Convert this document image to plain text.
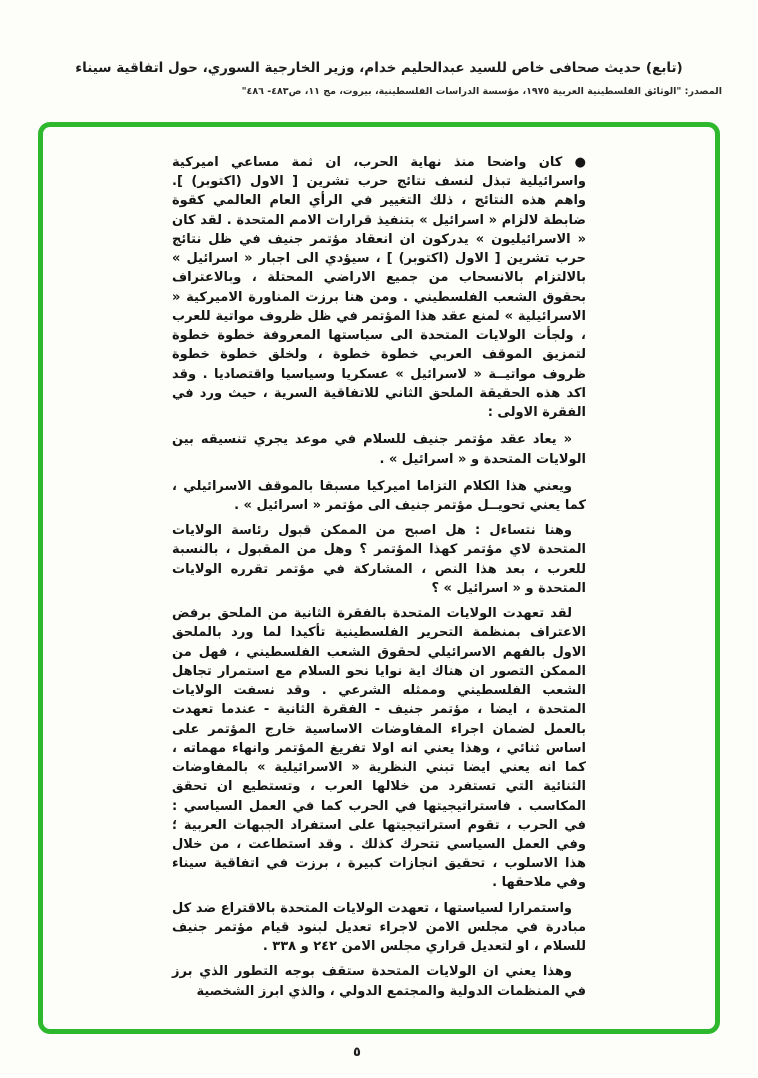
(تابع) حديث صحافى خاص للسيد عبدالحليم خدام، وزير الخارجية السوري، حول اتفاقية سيناء
المصدر: "الوثائق الفلسطينية العربية ١٩٧٥، مؤسسة الدراسات الفلسطينية، بيروت، مج ١١، ص٤٨٣- ٤٨٦"

● كان واضحا منذ نهاية الحرب، ان ثمة مساعي اميركية واسرائيلية تبذل لنسف نتائج حرب تشرين [ الاول (اكتوبر) ]. واهم هذه النتائج ، ذلك التغيير في الرأي العام العالمي كقوة ضابطة لالزام « اسرائيل » بتنفيذ قرارات الامم المتحدة . لقد كان « الاسرائيليون » يدركون ان انعقاد مؤتمر جنيف في ظل نتائج حرب تشرين [ الاول (اكتوبر) ] ، سيؤدي الى اجبار « اسرائيل » بالالتزام بالانسحاب من جميع الاراضي المحتلة ، وبالاعتراف بحقوق الشعب الفلسطيني . ومن هنا برزت المناورة الاميركية « الاسرائيلية » لمنع عقد هذا المؤتمر في ظل ظروف مواتية للعرب ، ولجأت الولايات المتحدة الى سياستها المعروفة خطوة خطوة لتمزيق الموقف العربي خطوة خطوة ، ولخلق خطوة خطوة ظروف مواتيــة « لاسرائيل » عسكريا وسياسيا واقتصاديا . وقد اكد هذه الحقيقة الملحق الثاني للاتفاقية السرية ، حيث ورد في الفقرة الاولى :

« يعاد عقد مؤتمر جنيف للسلام في موعد يجري تنسيقه بين الولايات المتحدة و « اسرائيل » .

ويعني هذا الكلام التزاما اميركيا مسبقا بالموقف الاسرائيلي ، كما يعني تحويــل مؤتمر جنيف الى مؤتمر « اسرائيل » .

وهنا نتساءل : هل اصبح من الممكن قبول رئاسة الولايات المتحدة لاي مؤتمر كهذا المؤتمر ؟ وهل من المقبول ، بالنسبة للعرب ، بعد هذا النص ، المشاركة في مؤتمر تقرره الولايات المتحدة و « اسرائيل » ؟

لقد تعهدت الولايات المتحدة بالفقرة الثانية من الملحق برفض الاعتراف بمنظمة التحرير الفلسطينية تأكيدا لما ورد بالملحق الاول بالفهم الاسرائيلي لحقوق الشعب الفلسطيني ، فهل من الممكن التصور ان هناك اية نوايا نحو السلام مع استمرار تجاهل الشعب الفلسطيني وممثله الشرعي . وقد نسفت الولايات المتحدة ، ايضا ، مؤتمر جنيف - الفقرة الثانية - عندما تعهدت بالعمل لضمان اجراء المفاوضات الاساسية خارج المؤتمر على اساس ثنائي ، وهذا يعني انه اولا تفريغ المؤتمر وانهاء مهماته ، كما انه يعني ايضا تبني النظرية « الاسرائيلية » بالمفاوضات الثنائية التي تستفرد من خلالها العرب ، وتستطيع ان تحقق المكاسب . فاستراتيجيتها في الحرب كما في العمل السياسي : في الحرب ، تقوم استراتيجيتها على استفراد الجبهات العربية ؛ وفي العمل السياسي تتحرك كذلك . وقد استطاعت ، من خلال هذا الاسلوب ، تحقيق انجازات كبيرة ، برزت في اتفاقية سيناء وفي ملاحقها .

واستمرارا لسياستها ، تعهدت الولايات المتحدة بالاقتراع ضد كل مبادرة في مجلس الامن لاجراء تعديل لبنود قيام مؤتمر جنيف للسلام ، او لتعديل قراري مجلس الامن ٢٤٢ و ٣٣٨ .

وهذا يعني ان الولايات المتحدة ستقف بوجه التطور الذي برز في المنظمات الدولية والمجتمع الدولي ، والذي ابرز الشخصية

٥
